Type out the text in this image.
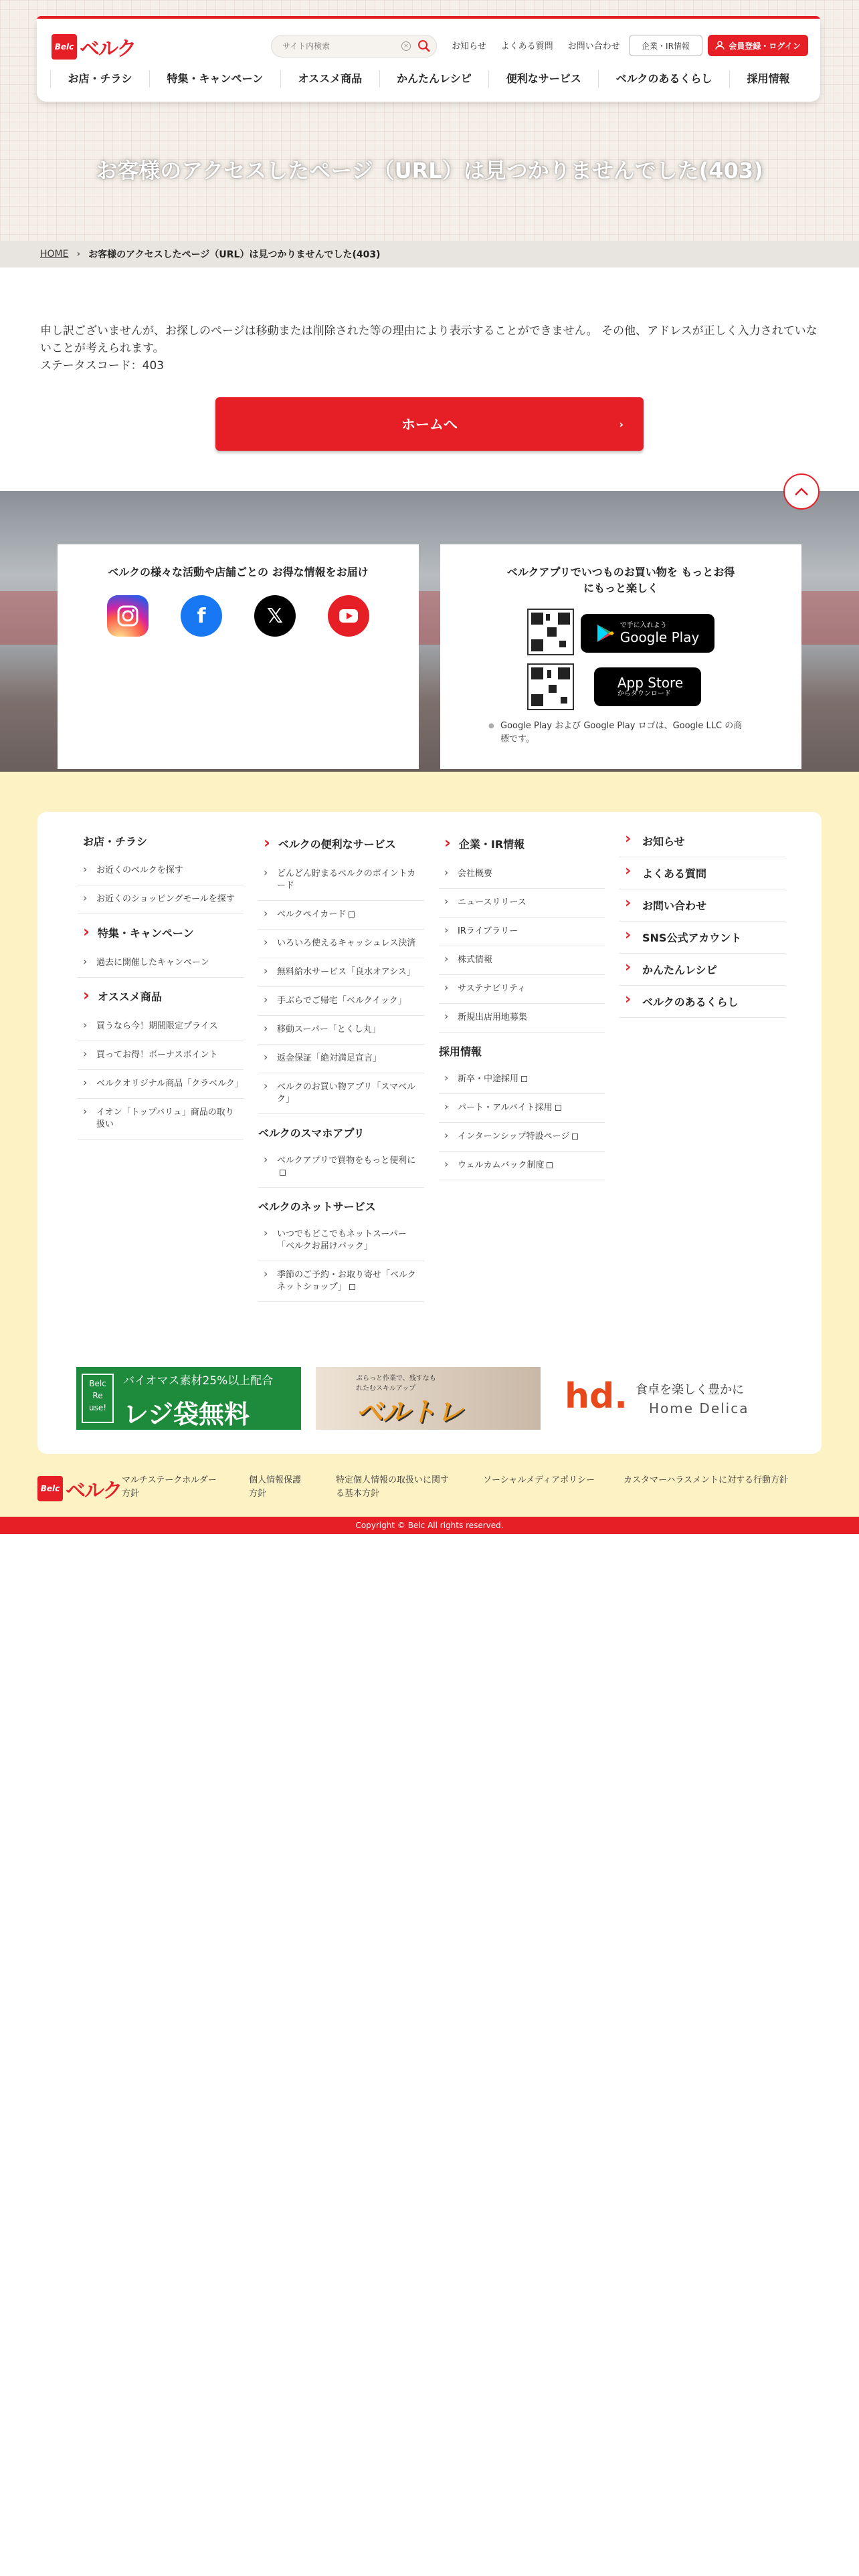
Belc ベルク
サイト内検索	×	お知らせ よくある質問 お問い合わせ	企業・IR情報	会員登録・ログイン
お店・チラシ	特集・キャンペーン	オススメ商品	かんたんレシピ	便利なサービス	ベルクのあるくらし	採用情報
お客様のアクセスしたページ（URL）は見つかりませんでした(403)
HOME › お客様のアクセスしたページ（URL）は見つかりませんでした(403)
申し訳ございませんが、お探しのページは移動または削除された等の理由により表示することができません。 その他、アドレスが正しく入力されていないことが考えられます。
ステータスコード：403
ホームへ	›
ベルクの様々な活動や店舗ごとの お得な情報をお届け
f	𝕏
ベルクアプリでいつものお買い物を もっとお得
にもっと楽しく
で手に入れよう
Google Play
App Store
からダウンロード
● Google Play および Google Play ロゴは、Google LLC の商標です。
お店・チラシ
› お近くのベルクを探す
› お近くのショッピングモールを探す
› 特集・キャンペーン
› 過去に開催したキャンペーン
› オススメ商品
› 買うなら今！期間限定プライス
› 買ってお得！ボーナスポイント
› ベルクオリジナル商品「クラベルク」
› イオン「トップバリュ」商品の取り扱い
› ベルクの便利なサービス
› どんどん貯まるベルクのポイントカード
› ベルクペイカード
› いろいろ使えるキャッシュレス決済
› 無料給水サービス「良水オアシス」
› 手ぶらでご帰宅「ベルクイック」
› 移動スーパー「とくし丸」
› 返金保証「絶対満足宣言」
› ベルクのお買い物アプリ「スマベルク」
ベルクのスマホアプリ
› ベルクアプリで買物をもっと便利に
ベルクのネットサービス
› いつでもどこでもネットスーパー「ベルクお届けパック」
› 季節のご予約・お取り寄せ「ベルクネットショップ」
› 企業・IR情報
› 会社概要
› ニュースリリース
› IRライブラリー
› 株式情報
› サステナビリティ
› 新規出店用地募集
採用情報
› 新卒・中途採用
› パート・アルバイト採用
› インターンシップ特設ページ
› ウェルカムバック制度
› お知らせ
› よくある質問
› お問い合わせ
› SNS公式アカウント
› かんたんレシピ
› ベルクのあるくらし
Belc Re use!
バイオマス素材25%以上配合
レジ袋無料
ぷらっと作業で、残すなもれたむスキルアップ
ベルトレ	hd. 食卓を楽しく豊かに
Home Delica
Belc ベルク マルチステークホルダー方針
個人情報保護方針
特定個人情報の取扱いに関する基本方針
ソーシャルメディアポリシー	カスタマーハラスメントに対する行動方針
Copyright © Belc All rights reserved.
